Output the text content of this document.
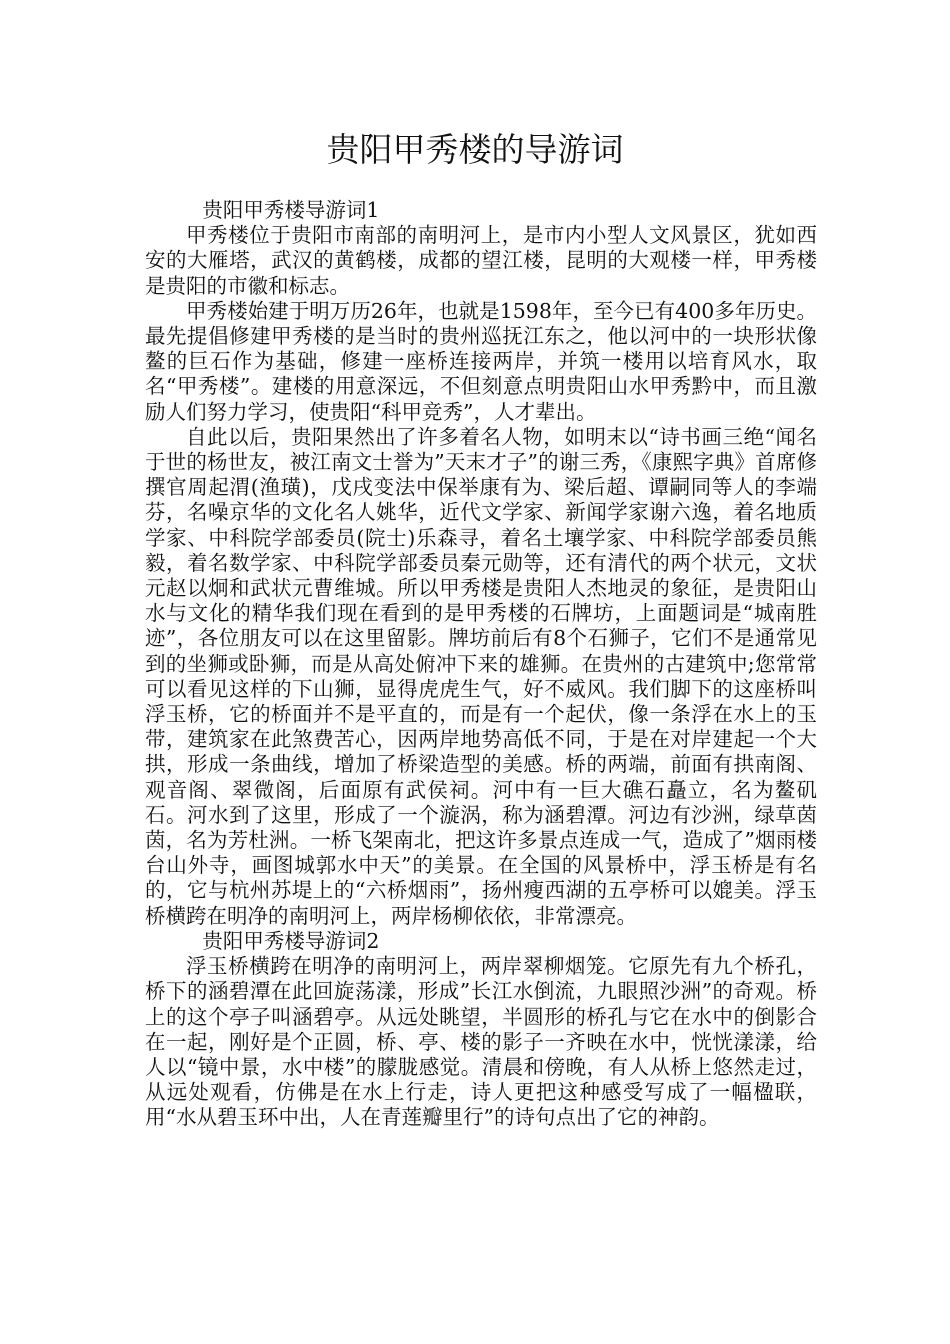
贵阳甲秀楼的导游词

贵阳甲秀楼导游词1

甲秀楼位于贵阳市南部的南明河上，是市内小型人文风景区，犹如西安的大雁塔，武汉的黄鹤楼，成都的望江楼，昆明的大观楼一样，甲秀楼是贵阳的市徽和标志。

甲秀楼始建于明万历26年，也就是1598年，至今已有400多年历史。最先提倡修建甲秀楼的是当时的贵州巡抚江东之，他以河中的一块形状像鳌的巨石作为基础，修建一座桥连接两岸，并筑一楼用以培育风水，取名“甲秀楼”。建楼的用意深远，不但刻意点明贵阳山水甲秀黔中，而且激励人们努力学习，使贵阳“科甲竞秀”，人才辈出。

自此以后，贵阳果然出了许多着名人物，如明末以“诗书画三绝“闻名于世的杨世友，被江南文士誉为”天末才子”的谢三秀，《康熙字典》首席修撰官周起渭(渔璜)，戊戌变法中保举康有为、梁后超、谭嗣同等人的李端芬，名噪京华的文化名人姚华，近代文学家、新闻学家谢六逸，着名地质学家、中科院学部委员(院士)乐森寻，着名土壤学家、中科院学部委员熊毅，着名数学家、中科院学部委员秦元勋等，还有清代的两个状元，文状元赵以炯和武状元曹维城。所以甲秀楼是贵阳人杰地灵的象征，是贵阳山水与文化的精华我们现在看到的是甲秀楼的石牌坊，上面题词是“城南胜迹”，各位朋友可以在这里留影。牌坊前后有8个石狮子，它们不是通常见到的坐狮或卧狮，而是从高处俯冲下来的雄狮。在贵州的古建筑中;您常常可以看见这样的下山狮，显得虎虎生气，好不威风。我们脚下的这座桥叫浮玉桥，它的桥面并不是平直的，而是有一个起伏，像一条浮在水上的玉带，建筑家在此煞费苦心，因两岸地势高低不同，于是在对岸建起一个大拱，形成一条曲线，增加了桥梁造型的美感。桥的两端，前面有拱南阁、观音阁、翠微阁，后面原有武侯祠。河中有一巨大礁石矗立，名为鳌矶石。河水到了这里，形成了一个漩涡，称为涵碧潭。河边有沙洲，绿草茵茵，名为芳杜洲。一桥飞架南北，把这许多景点连成一气，造成了”烟雨楼台山外寺，画图城郭水中天”的美景。在全国的风景桥中，浮玉桥是有名的，它与杭州苏堤上的“六桥烟雨”，扬州瘦西湖的五亭桥可以媲美。浮玉桥横跨在明净的南明河上，两岸杨柳依依，非常漂亮。

贵阳甲秀楼导游词2

浮玉桥横跨在明净的南明河上，两岸翠柳烟笼。它原先有九个桥孔，桥下的涵碧潭在此回旋荡漾，形成”长江水倒流，九眼照沙洲”的奇观。桥上的这个亭子叫涵碧亭。从远处眺望，半圆形的桥孔与它在水中的倒影合在一起，刚好是个正圆，桥、亭、楼的影子一齐映在水中，恍恍漾漾，给人以“镜中景，水中楼”的朦胧感觉。清晨和傍晚，有人从桥上悠然走过，从远处观看，仿佛是在水上行走，诗人更把这种感受写成了一幅楹联，用“水从碧玉环中出，人在青莲瓣里行”的诗句点出了它的神韵。
